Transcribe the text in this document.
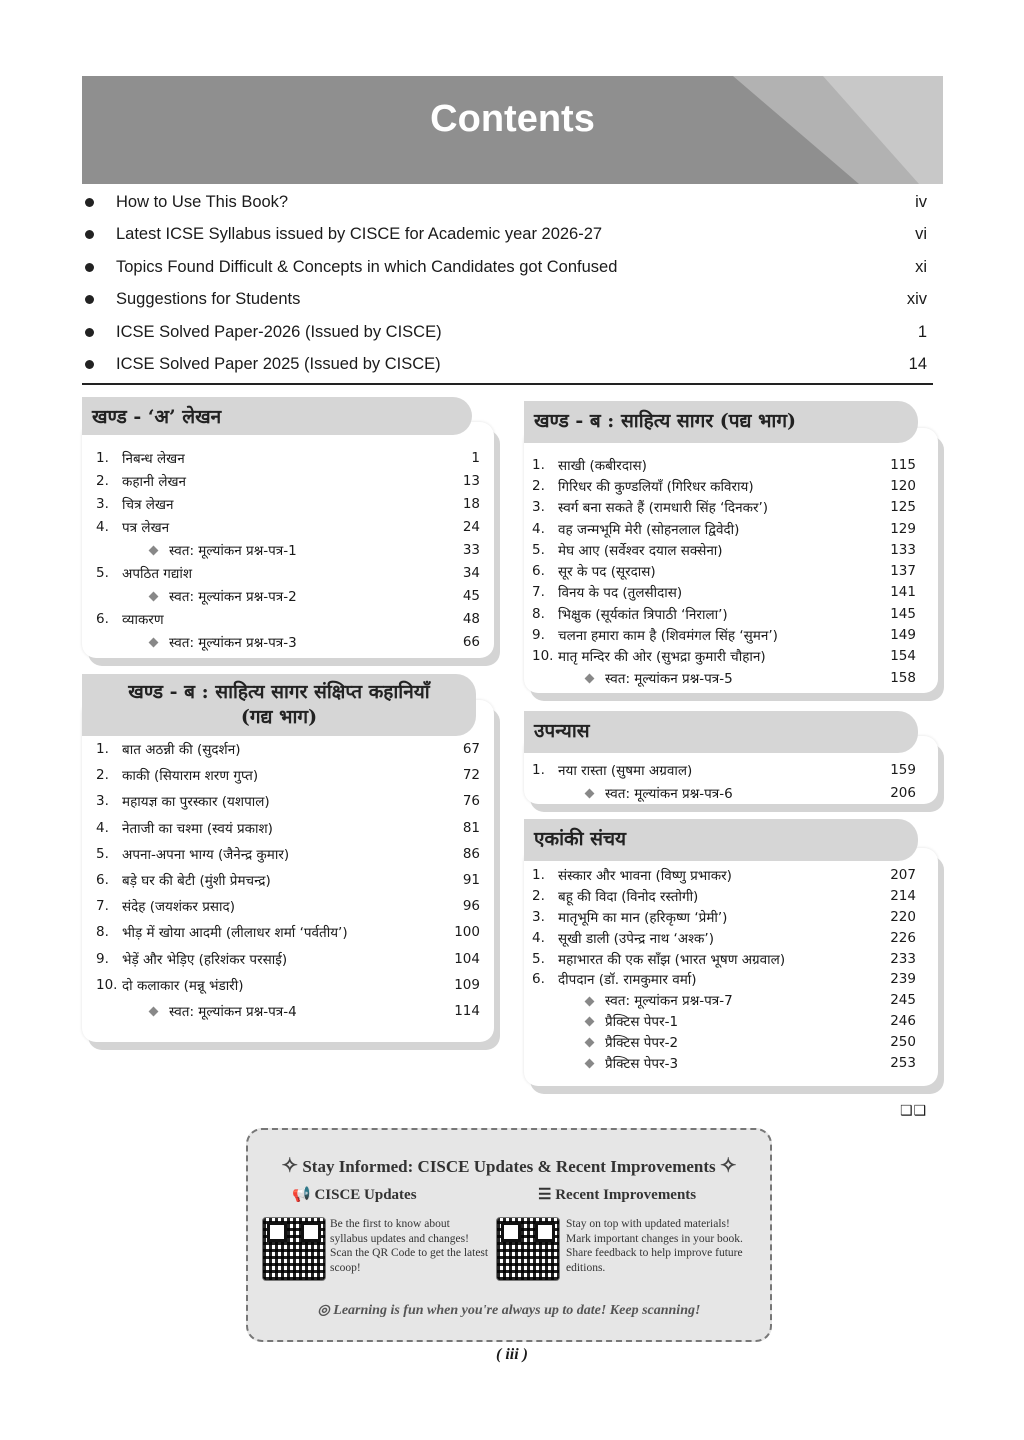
Contents
How to Use This Book?	iv
Latest ICSE Syllabus issued by CISCE for Academic year 2026-27	vi
Topics Found Difficult & Concepts in which Candidates got Confused	xi
Suggestions for Students	xiv
ICSE Solved Paper-2026 (Issued by CISCE)	1
ICSE Solved Paper 2025 (Issued by CISCE)	14
खण्ड - ‘अ’ लेखन
1. निबन्ध लेखन	1
2. कहानी लेखन	13
3. चित्र लेखन	18
4. पत्र लेखन	24
स्वत: मूल्यांकन प्रश्न-पत्र-1	33
5. अपठित गद्यांश	34
स्वत: मूल्यांकन प्रश्न-पत्र-2	45
6. व्याकरण	48
स्वत: मूल्यांकन प्रश्न-पत्र-3	66
खण्ड - ब : साहित्य सागर संक्षिप्त कहानियाँ
(गद्य भाग)
1. बात अठन्नी की (सुदर्शन)	67
2. काकी (सियाराम शरण गुप्त)	72
3. महायज्ञ का पुरस्कार (यशपाल)	76
4. नेताजी का चश्मा (स्वयं प्रकाश)	81
5. अपना-अपना भाग्य (जैनेन्द्र कुमार)	86
6. बड़े घर की बेटी (मुंशी प्रेमचन्द्र)	91
7. संदेह (जयशंकर प्रसाद)	96
8. भीड़ में खोया आदमी (लीलाधर शर्मा ‘पर्वतीय’)	100
9. भेड़ें और भेड़िए (हरिशंकर परसाई)	104
10. दो कलाकार (मन्नू भंडारी)	109
स्वत: मूल्यांकन प्रश्न-पत्र-4	114
खण्ड - ब : साहित्य सागर (पद्य भाग)
1. साखी (कबीरदास)	115
2. गिरिधर की कुण्डलियाँ (गिरिधर कविराय)	120
3. स्वर्ग बना सकते हैं (रामधारी सिंह ‘दिनकर’)	125
4. वह जन्मभूमि मेरी (सोहनलाल द्विवेदी)	129
5. मेघ आए (सर्वेश्वर दयाल सक्सेना)	133
6. सूर के पद (सूरदास)	137
7. विनय के पद (तुलसीदास)	141
8. भिक्षुक (सूर्यकांत त्रिपाठी ‘निराला’)	145
9. चलना हमारा काम है (शिवमंगल सिंह ‘सुमन’)	149
10. मातृ मन्दिर की ओर (सुभद्रा कुमारी चौहान)	154
स्वत: मूल्यांकन प्रश्न-पत्र-5	158
उपन्यास
1. नया रास्ता (सुषमा अग्रवाल)	159
स्वत: मूल्यांकन प्रश्न-पत्र-6	206
एकांकी संचय
1. संस्कार और भावना (विष्णु प्रभाकर)	207
2. बहू की विदा (विनोद रस्तोगी)	214
3. मातृभूमि का मान (हरिकृष्ण ‘प्रेमी’)	220
4. सूखी डाली (उपेन्द्र नाथ ‘अश्क’)	226
5. महाभारत की एक साँझ (भारत भूषण अग्रवाल)	233
6. दीपदान (डॉ. रामकुमार वर्मा)	239
स्वत: मूल्यांकन प्रश्न-पत्र-7	245
प्रैक्टिस पेपर-1	246
प्रैक्टिस पेपर-2	250
प्रैक्टिस पेपर-3	253
❑❑
✧ Stay Informed: CISCE Updates & Recent Improvements ✧
📢 CISCE Updates	☰ Recent Improvements
Be the first to know about syllabus updates and changes! Scan the QR Code to get the latest scoop!
Stay on top with updated materials! Mark important changes in your book. Share feedback to help improve future editions.
◎ Learning is fun when you're always up to date! Keep scanning!
( iii )
